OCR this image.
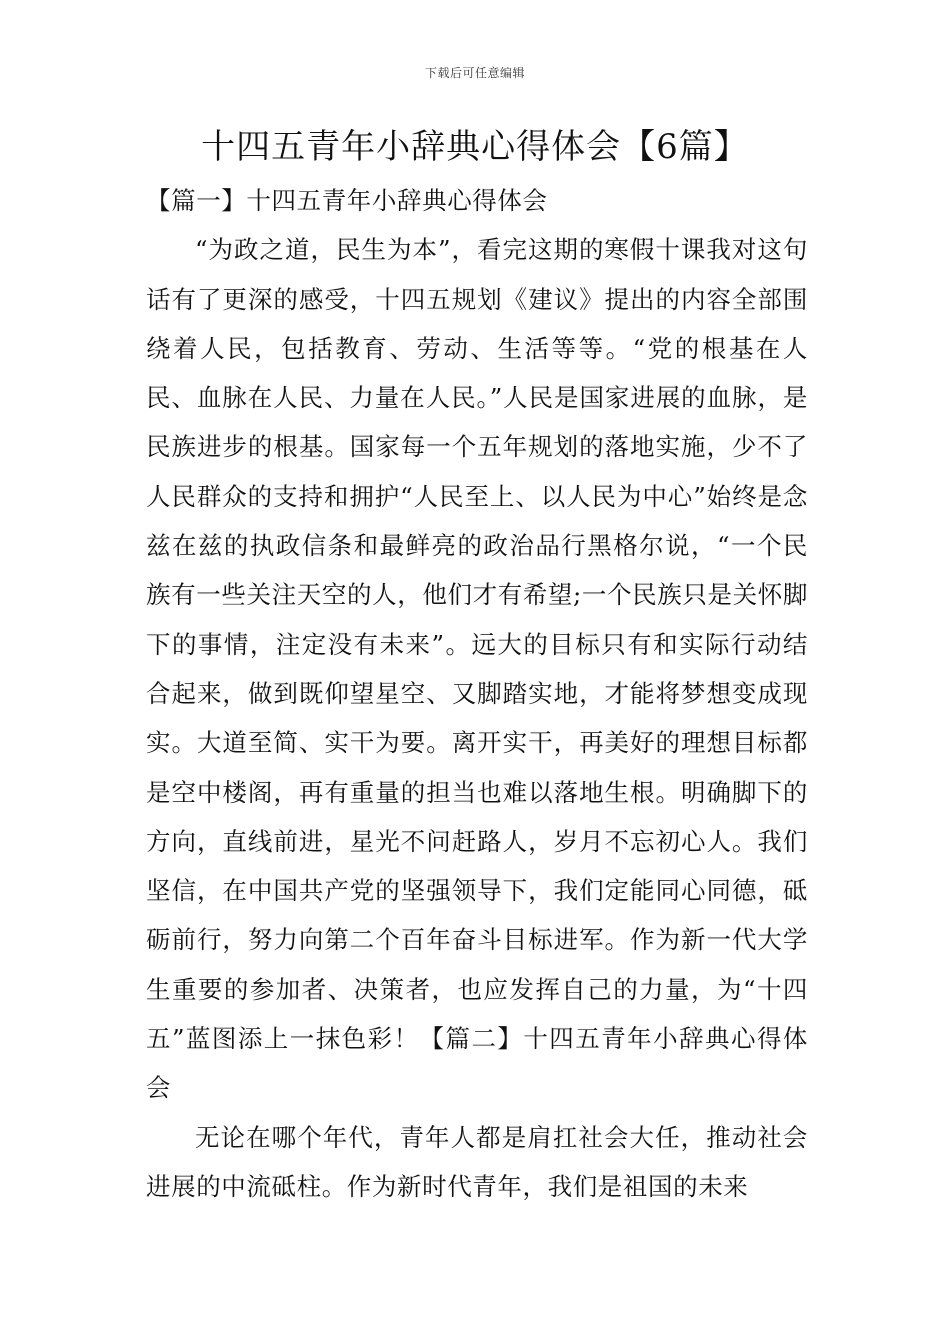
下载后可任意编辑
十四五青年小辞典心得体会【6篇】

【篇一】十四五青年小辞典心得体会

“为政之道，民生为本”，看完这期的寒假十课我对这句话有了更深的感受，十四五规划《建议》提出的内容全部围绕着人民，包括教育、劳动、生活等等。“党的根基在人民、血脉在人民、力量在人民。”人民是国家进展的血脉，是民族进步的根基。国家每一个五年规划的落地实施，少不了人民群众的支持和拥护“人民至上、以人民为中心”始终是念兹在兹的执政信条和最鲜亮的政治品行黑格尔说，“一个民族有一些关注天空的人，他们才有希望;一个民族只是关怀脚下的事情，注定没有未来”。远大的目标只有和实际行动结合起来，做到既仰望星空、又脚踏实地，才能将梦想变成现实。大道至简、实干为要。离开实干，再美好的理想目标都是空中楼阁，再有重量的担当也难以落地生根。明确脚下的方向，直线前进，星光不问赶路人，岁月不忘初心人。我们坚信，在中国共产党的坚强领导下，我们定能同心同德，砥砺前行，努力向第二个百年奋斗目标进军。作为新一代大学生重要的参加者、决策者，也应发挥自己的力量，为“十四五”蓝图添上一抹色彩！【篇二】十四五青年小辞典心得体会

无论在哪个年代，青年人都是肩扛社会大任，推动社会进展的中流砥柱。作为新时代青年，我们是祖国的未来
